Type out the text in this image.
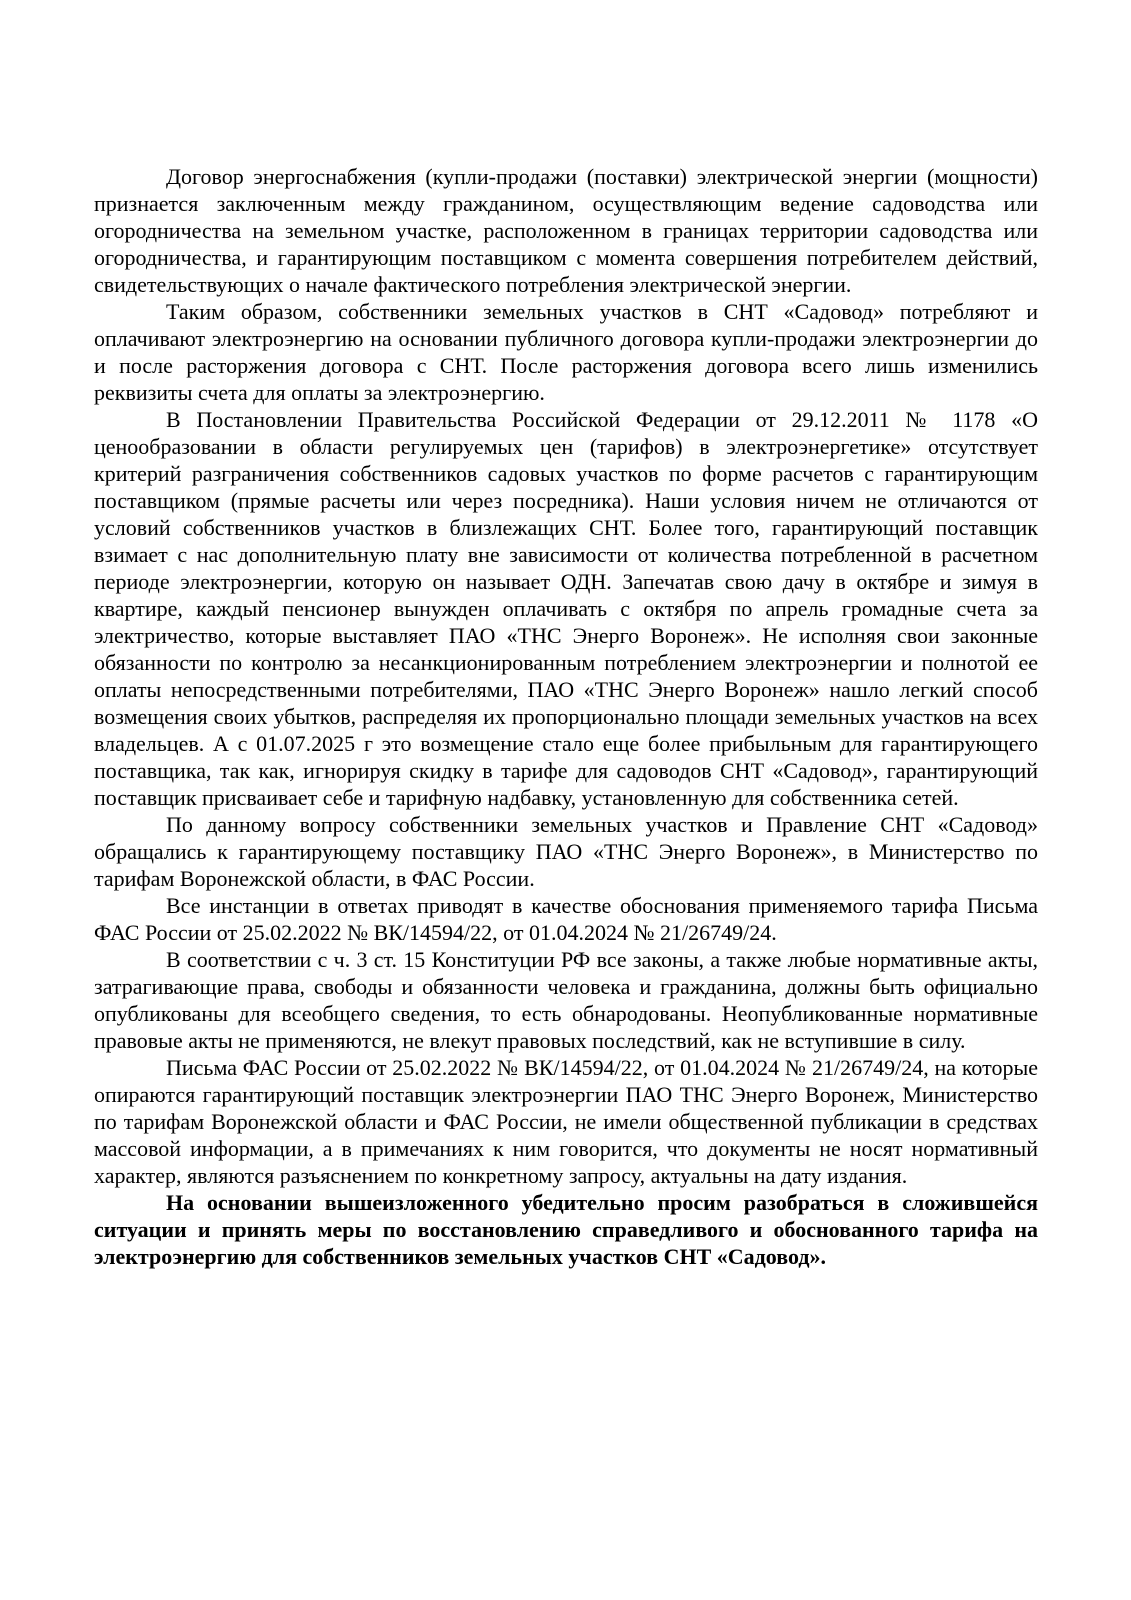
Договор энергоснабжения (купли-продажи (поставки) электрической энергии (мощности) признается заключенным между гражданином, осуществляющим ведение садоводства или огородничества на земельном участке, расположенном в границах территории садоводства или огородничества, и гарантирующим поставщиком с момента совершения потребителем действий, свидетельствующих о начале фактического потребления электрической энергии.

Таким образом, собственники земельных участков в СНТ «Садовод» потребляют и оплачивают электроэнергию на основании публичного договора купли-продажи электроэнергии до и после расторжения договора с СНТ. После расторжения договора всего лишь изменились реквизиты счета для оплаты за электроэнергию.

В Постановлении Правительства Российской Федерации от 29.12.2011 № 1178 «О ценообразовании в области регулируемых цен (тарифов) в электроэнергетике» отсутствует критерий разграничения собственников садовых участков по форме расчетов с гарантирующим поставщиком (прямые расчеты или через посредника). Наши условия ничем не отличаются от условий собственников участков в близлежащих СНТ. Более того, гарантирующий поставщик взимает с нас дополнительную плату вне зависимости от количества потребленной в расчетном периоде электроэнергии, которую он называет ОДН. Запечатав свою дачу в октябре и зимуя в квартире, каждый пенсионер вынужден оплачивать с октября по апрель громадные счета за электричество, которые выставляет ПАО «ТНС Энерго Воронеж». Не исполняя свои законные обязанности по контролю за несанкционированным потреблением электроэнергии и полнотой ее оплаты непосредственными потребителями, ПАО «ТНС Энерго Воронеж» нашло легкий способ возмещения своих убытков, распределяя их пропорционально площади земельных участков на всех владельцев. А с 01.07.2025 г это возмещение стало еще более прибыльным для гарантирующего поставщика, так как, игнорируя скидку в тарифе для садоводов СНТ «Садовод», гарантирующий поставщик присваивает себе и тарифную надбавку, установленную для собственника сетей.

По данному вопросу собственники земельных участков и Правление СНТ «Садовод» обращались к гарантирующему поставщику ПАО «ТНС Энерго Воронеж», в Министерство по тарифам Воронежской области, в ФАС России.

Все инстанции в ответах приводят в качестве обоснования применяемого тарифа Письма ФАС России от 25.02.2022 № ВК/14594/22, от 01.04.2024 № 21/26749/24.

В соответствии с ч. 3 ст. 15 Конституции РФ все законы, а также любые нормативные акты, затрагивающие права, свободы и обязанности человека и гражданина, должны быть официально опубликованы для всеобщего сведения, то есть обнародованы. Неопубликованные нормативные правовые акты не применяются, не влекут правовых последствий, как не вступившие в силу.

Письма ФАС России от 25.02.2022 № ВК/14594/22, от 01.04.2024 № 21/26749/24, на которые опираются гарантирующий поставщик электроэнергии ПАО ТНС Энерго Воронеж, Министерство по тарифам Воронежской области и ФАС России, не имели общественной публикации в средствах массовой информации, а в примечаниях к ним говорится, что документы не носят нормативный характер, являются разъяснением по конкретному запросу, актуальны на дату издания.

На основании вышеизложенного убедительно просим разобраться в сложившейся ситуации и принять меры по восстановлению справедливого и обоснованного тарифа на электроэнергию для собственников земельных участков СНТ «Садовод».
